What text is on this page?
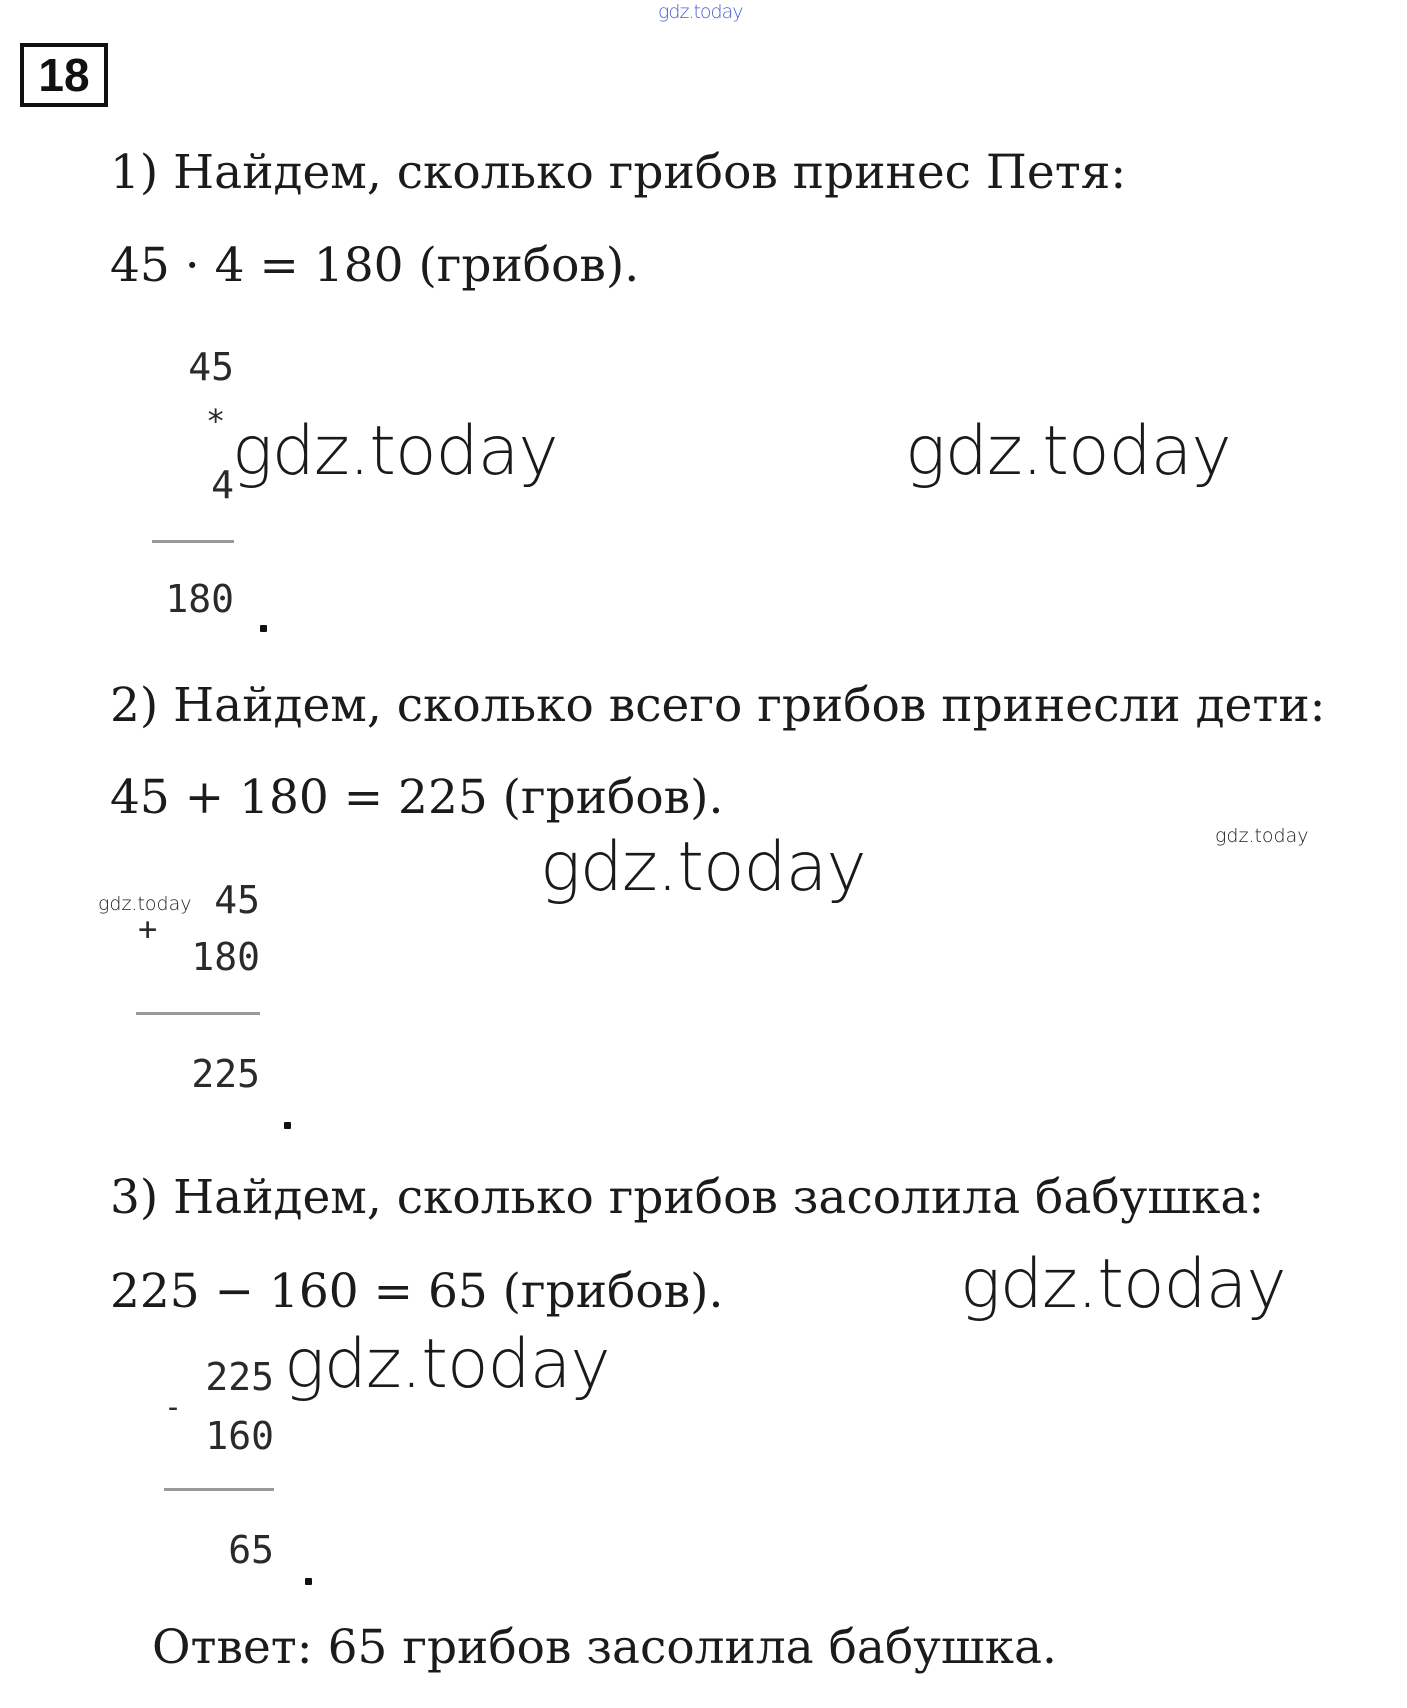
gdz.today
18
1) Найдем, сколько грибов принес Петя:
45 · 4 = 180 (грибов).
45
*
4
180
2) Найдем, сколько всего грибов принесли дети:
45 + 180 = 225 (грибов).
45
+
180
225
3) Найдем, сколько грибов засолила бабушка:
225 − 160 = 65 (грибов).
225
-
160
65
Ответ: 65 грибов засолила бабушка.
gdz.today	gdz.today
gdz.today	gdz.today
gdz.today
gdz.today
gdz.today
